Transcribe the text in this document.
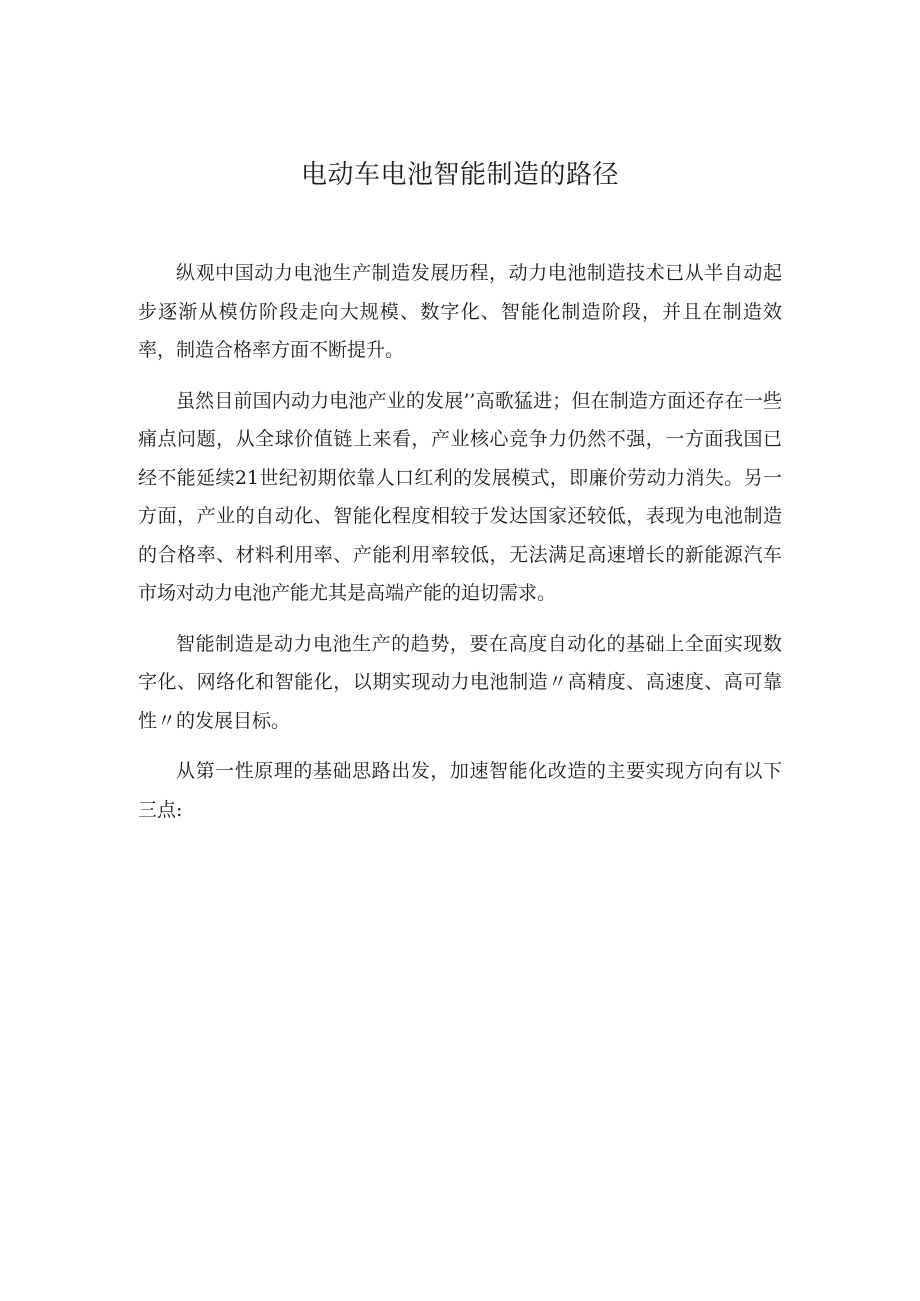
电动车电池智能制造的路径

纵观中国动力电池生产制造发展历程，动力电池制造技术已从半自动起步逐渐从模仿阶段走向大规模、数字化、智能化制造阶段，并且在制造效率，制造合格率方面不断提升。

虽然目前国内动力电池产业的发展’’高歌猛进；但在制造方面还存在一些痛点问题，从全球价值链上来看，产业核心竞争力仍然不强，一方面我国已经不能延续21世纪初期依靠人口红利的发展模式，即廉价劳动力消失。另一方面，产业的自动化、智能化程度相较于发达国家还较低，表现为电池制造的合格率、材料利用率、产能利用率较低，无法满足高速增长的新能源汽车市场对动力电池产能尤其是高端产能的迫切需求。

智能制造是动力电池生产的趋势，要在高度自动化的基础上全面实现数字化、网络化和智能化，以期实现动力电池制造〃高精度、高速度、高可靠性〃的发展目标。

从第一性原理的基础思路出发，加速智能化改造的主要实现方向有以下三点:
